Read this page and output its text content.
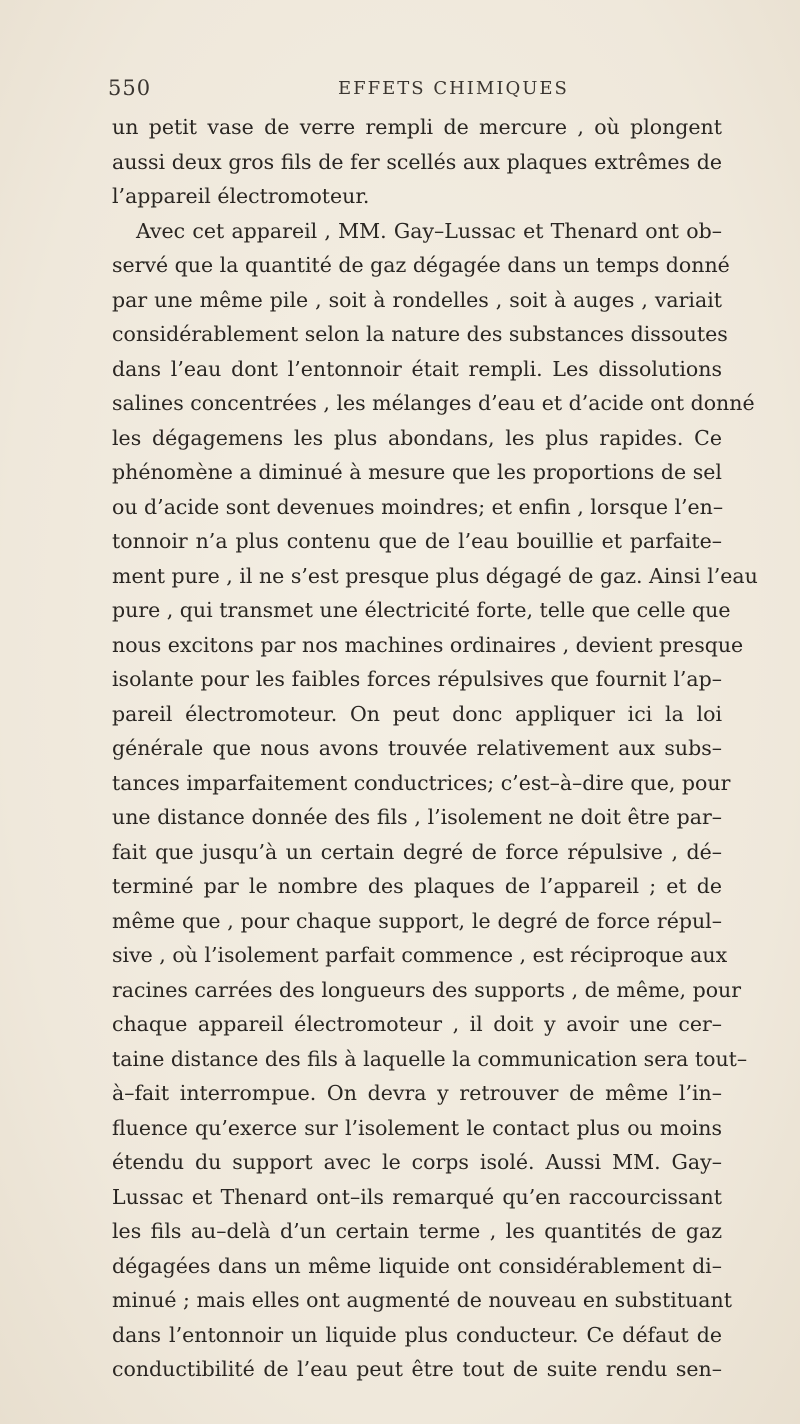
550	EFFETS CHIMIQUES
un petit vase de verre rempli de mercure , où plongent
aussi deux gros fils de fer scellés aux plaques extrêmes de
l’appareil électromoteur.
Avec cet appareil , MM. Gay–Lussac et Thenard ont ob–
servé que la quantité de gaz dégagée dans un temps donné
par une même pile , soit à rondelles , soit à auges , variait
considérablement selon la nature des substances dissoutes
dans l’eau dont l’entonnoir était rempli. Les dissolutions
salines concentrées , les mélanges d’eau et d’acide ont donné
les dégagemens les plus abondans, les plus rapides. Ce
phénomène a diminué à mesure que les proportions de sel
ou d’acide sont devenues moindres; et enfin , lorsque l’en–
tonnoir n’a plus contenu que de l’eau bouillie et parfaite–
ment pure , il ne s’est presque plus dégagé de gaz. Ainsi l’eau
pure , qui transmet une électricité forte, telle que celle que
nous excitons par nos machines ordinaires , devient presque
isolante pour les faibles forces répulsives que fournit l’ap–
pareil électromoteur. On peut donc appliquer ici la loi
générale que nous avons trouvée relativement aux subs–
tances imparfaitement conductrices; c’est–à–dire que, pour
une distance donnée des fils , l’isolement ne doit être par–
fait que jusqu’à un certain degré de force répulsive , dé–
terminé par le nombre des plaques de l’appareil ; et de
même que , pour chaque support, le degré de force répul–
sive , où l’isolement parfait commence , est réciproque aux
racines carrées des longueurs des supports , de même, pour
chaque appareil électromoteur , il doit y avoir une cer–
taine distance des fils à laquelle la communication sera tout–
à–fait interrompue. On devra y retrouver de même l’in–
fluence qu’exerce sur l’isolement le contact plus ou moins
étendu du support avec le corps isolé. Aussi MM. Gay–
Lussac et Thenard ont–ils remarqué qu’en raccourcissant
les fils au–delà d’un certain terme , les quantités de gaz
dégagées dans un même liquide ont considérablement di–
minué ; mais elles ont augmenté de nouveau en substituant
dans l’entonnoir un liquide plus conducteur. Ce défaut de
conductibilité de l’eau peut être tout de suite rendu sen–
